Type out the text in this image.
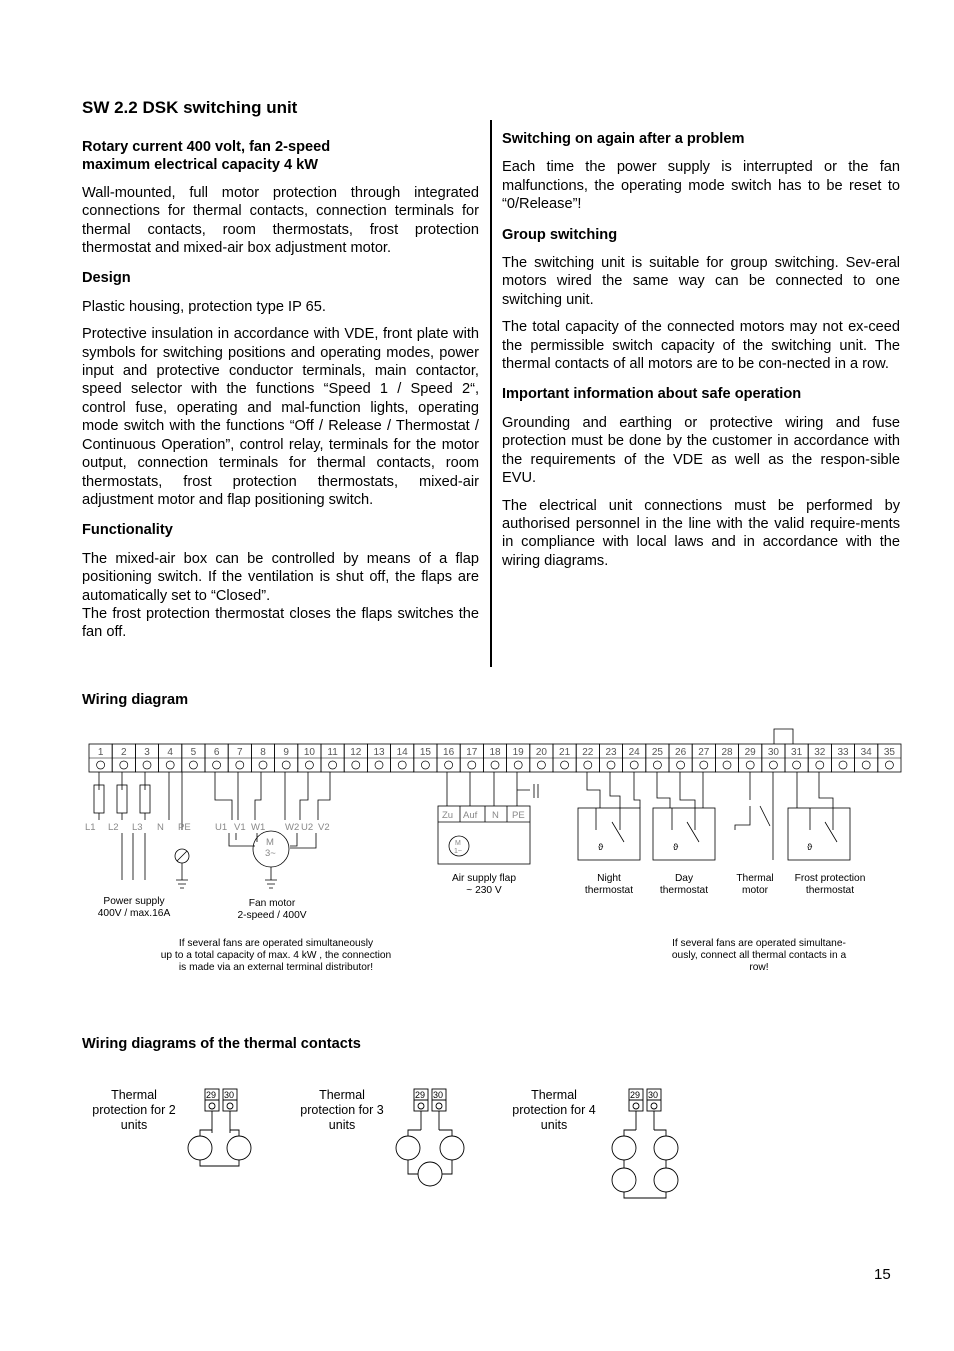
SW 2.2 DSK switching unit
Rotary current 400 volt, fan 2-speed
maximum electrical capacity 4 kW

Wall-mounted, full motor protection through integrated connections for thermal contacts, connection terminals for thermal contacts, room thermostats, frost protection thermostat and mixed-air box adjustment motor.

Design

Plastic housing, protection type IP 65.

Protective insulation in accordance with VDE, front plate with symbols for switching positions and operating modes, power input and protective conductor terminals, main contactor, speed selector with the functions “Speed 1 / Speed 2“, control fuse, operating and mal-function lights, operating mode switch with the functions “Off / Release / Thermostat / Continuous Operation”, control relay, terminals for the motor output, connection terminals for thermal contacts, room thermostats, frost protection thermostats, mixed-air adjustment motor and flap positioning switch.

Functionality

The mixed-air box can be controlled by means of a flap positioning switch. If the ventilation is shut off, the flaps are automatically set to “Closed”.

The frost protection thermostat closes the flaps switches the fan off.

Switching on again after a problem

Each time the power supply is interrupted or the fan malfunctions, the operating mode switch has to be reset to “0/Release”!

Group switching

The switching unit is suitable for group switching. Sev-eral motors wired the same way can be connected to one switching unit.

The total capacity of the connected motors may not ex-ceed the permissible switch capacity of the switching unit. The thermal contacts of all motors are to be con-nected in a row.

Important information about safe operation

Grounding and earthing or protective wiring and fuse protection must be done by the customer in accordance with the requirements of the VDE as well as the respon-sible EVU.

The electrical unit connections must be performed by authorised personnel in the line with the valid require-ments in compliance with local laws and in accordance with the wiring diagrams.

Wiring diagram
1 2 3 4 5 6 7 8 9 10 11 12 13 14 15 16 17 18 19 20 21 22 23 24 25 26 27 28 29 30 31 32 33 34 35
L1 L2 L3 N PE	U1 V1 W1 W2 U2 V2
M
3~
Zu Auf N PE
M
1~	ϑ	ϑ	ϑ
Power supply
400V / max.16A
Fan motor
2-speed / 400V
Air supply flap
~ 230 V
Night
thermostat
Day
thermostat
Thermal
motor
Frost protection
thermostat
If several fans are operated simultaneously
up to a total capacity of max. 4 kW , the connection
is made via an external terminal distributor!
If several fans are operated simultane-
ously, connect all thermal contacts in a
row!
Wiring diagrams of the thermal contacts
Thermal
protection for 2
units
Thermal
protection for 3
units
Thermal
protection for 4
units
29 30	29 30	29 30
15
